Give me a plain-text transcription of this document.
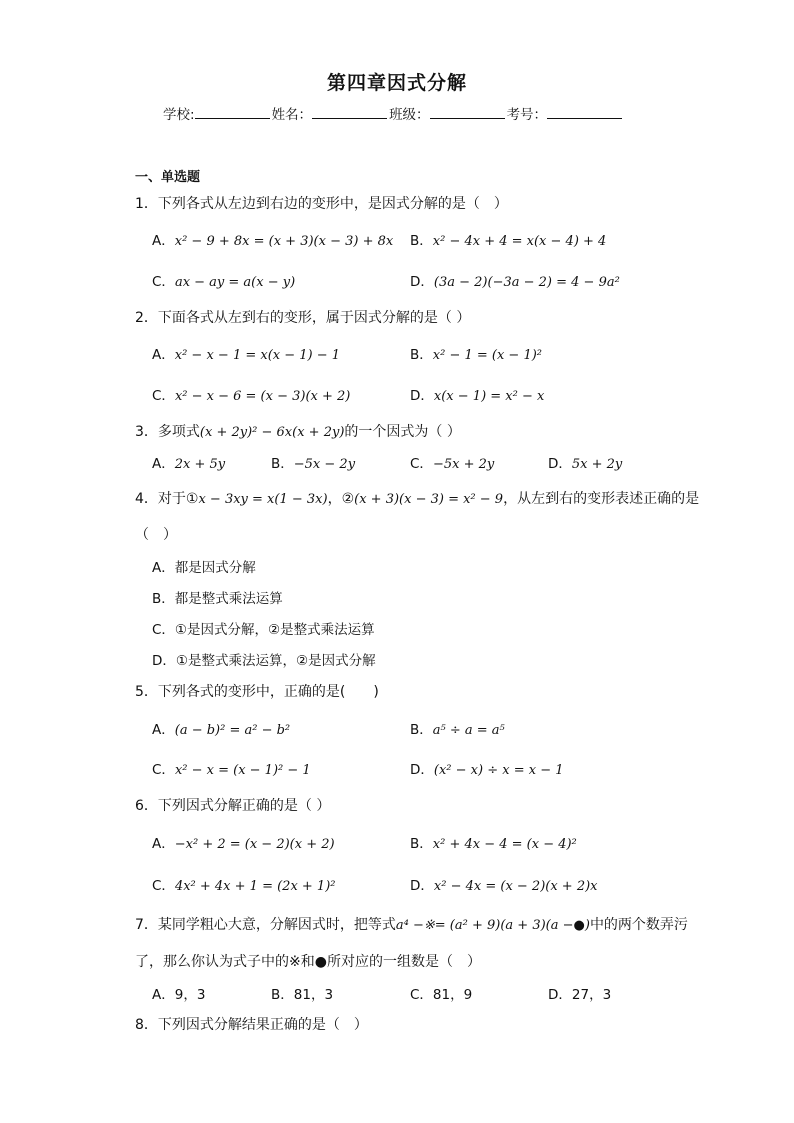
第四章因式分解
学校:	姓名：	班级：	考号：
一、单选题
1．下列各式从左边到右边的变形中，是因式分解的是（　）
A．x² − 9 + 8x = (x + 3)(x − 3) + 8x B．x² − 4x + 4 = x(x − 4) + 4
C．ax − ay = a(x − y)	D．(3a − 2)(−3a − 2) = 4 − 9a²
2．下面各式从左到右的变形，属于因式分解的是（ ）
A．x² − x − 1 = x(x − 1) − 1	B．x² − 1 = (x − 1)²
C．x² − x − 6 = (x − 3)(x + 2)	D．x(x − 1) = x² − x
3．多项式(x + 2y)² − 6x(x + 2y)的一个因式为（ ）
A．2x + 5y	B．−5x − 2y	C．−5x + 2y	D．5x + 2y
4．对于①x − 3xy = x(1 − 3x)，②(x + 3)(x − 3) = x² − 9，从左到右的变形表述正确的是
（　）
A．都是因式分解
B．都是整式乘法运算
C．①是因式分解，②是整式乘法运算
D．①是整式乘法运算，②是因式分解
5．下列各式的变形中，正确的是(　　)
A．(a − b)² = a² − b²	B．a⁵ ÷ a = a⁵
C．x² − x = (x − 1)² − 1	D．(x² − x) ÷ x = x − 1
6．下列因式分解正确的是（ ）
A．−x² + 2 = (x − 2)(x + 2)	B．x² + 4x − 4 = (x − 4)²
C．4x² + 4x + 1 = (2x + 1)²	D．x² − 4x = (x − 2)(x + 2)x
7．某同学粗心大意，分解因式时，把等式a⁴ −※= (a² + 9)(a + 3)(a −●)中的两个数弄污
了，那么你认为式子中的※和●所对应的一组数是（　）
A．9，3	B．81，3	C．81，9	D．27，3
8．下列因式分解结果正确的是（　）
